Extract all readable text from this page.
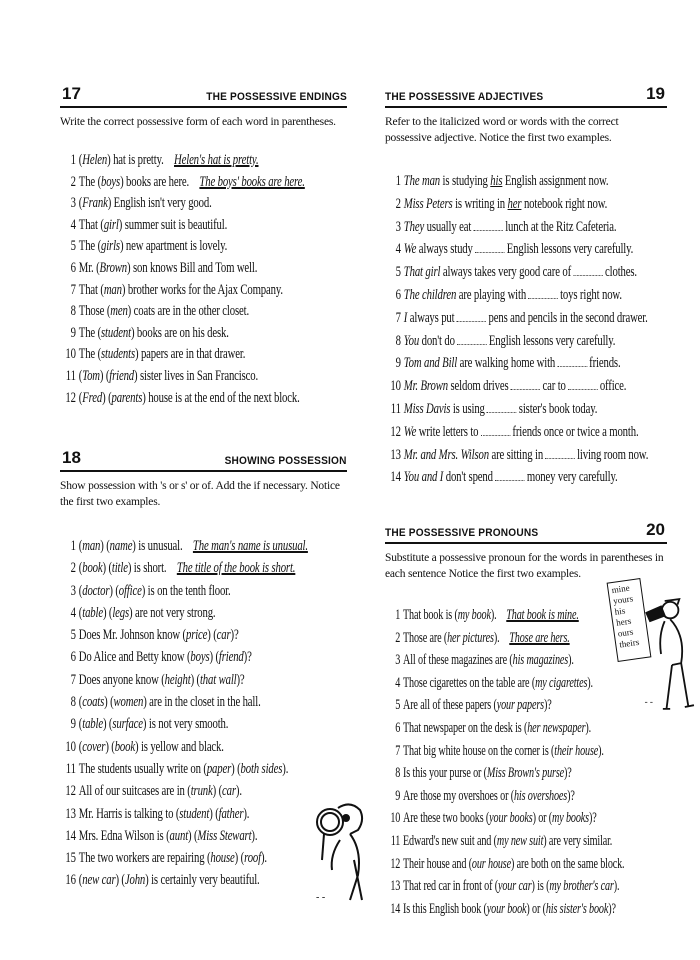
17	THE POSSESSIVE ENDINGS
Write the correct possessive form of each word in parentheses.
1 (Helen) hat is pretty. Helen's hat is pretty.
2 The (boys) books are here. The boys' books are here.
3 (Frank) English isn't very good.
4 That (girl) summer suit is beautiful.
5 The (girls) new apartment is lovely.
6 Mr. (Brown) son knows Bill and Tom well.
7 That (man) brother works for the Ajax Company.
8 Those (men) coats are in the other closet.
9 The (student) books are on his desk.
10 The (students) papers are in that drawer.
11 (Tom) (friend) sister lives in San Francisco.
12 (Fred) (parents) house is at the end of the next block.
18	SHOWING POSSESSION
Show possession with 's or s' or of. Add the if necessary. Notice the first two examples.
1 (man) (name) is unusual. The man's name is unusual.
2 (book) (title) is short. The title of the book is short.
3 (doctor) (office) is on the tenth floor.
4 (table) (legs) are not very strong.
5 Does Mr. Johnson know (price) (car)?
6 Do Alice and Betty know (boys) (friend)?
7 Does anyone know (height) (that wall)?
8 (coats) (women) are in the closet in the hall.
9 (table) (surface) is not very smooth.
10 (cover) (book) is yellow and black.
11 The students usually write on (paper) (both sides).
12 All of our suitcases are in (trunk) (car).
13 Mr. Harris is talking to (student) (father).
14 Mrs. Edna Wilson is (aunt) (Miss Stewart).
15 The two workers are repairing (house) (roof).
16 (new car) (John) is certainly very beautiful.
19
THE POSSESSIVE ADJECTIVES
Refer to the italicized word or words with the correct possessive adjective. Notice the first two examples.
1 The man is studying his English assignment now.
2 Miss Peters is writing in her notebook right now.
3 They usually eat lunch at the Ritz Cafeteria.
4 We always study English lessons very carefully.
5 That girl always takes very good care of clothes.
6 The children are playing with toys right now.
7 I always put pens and pencils in the second drawer.
8 You don't do English lessons very carefully.
9 Tom and Bill are walking home with friends.
10 Mr. Brown seldom drives car to office.
11 Miss Davis is using sister's book today.
12 We write letters to friends once or twice a month.
13 Mr. and Mrs. Wilson are sitting in living room now.
14 You and I don't spend money very carefully.
20
THE POSSESSIVE PRONOUNS
Substitute a possessive pronoun for the words in parentheses in each sentence Notice the first two examples.
1 That book is (my book). That book is mine.
2 Those are (her pictures). Those are hers.
3 All of these magazines are (his magazines).
4 Those cigarettes on the table are (my cigarettes).
5 Are all of these papers (your papers)?
6 That newspaper on the desk is (her newspaper).
7 That big white house on the corner is (their house).
8 Is this your purse or (Miss Brown's purse)?
9 Are those my overshoes or (his overshoes)?
10 Are these two books (your books) or (my books)?
11 Edward's new suit and (my new suit) are very similar.
12 Their house and (our house) are both on the same block.
13 That red car in front of (your car) is (my brother's car).
14 Is this English book (your book) or (his sister's book)?
- -
- -
mine
yours
his
hers
ours
theirs
